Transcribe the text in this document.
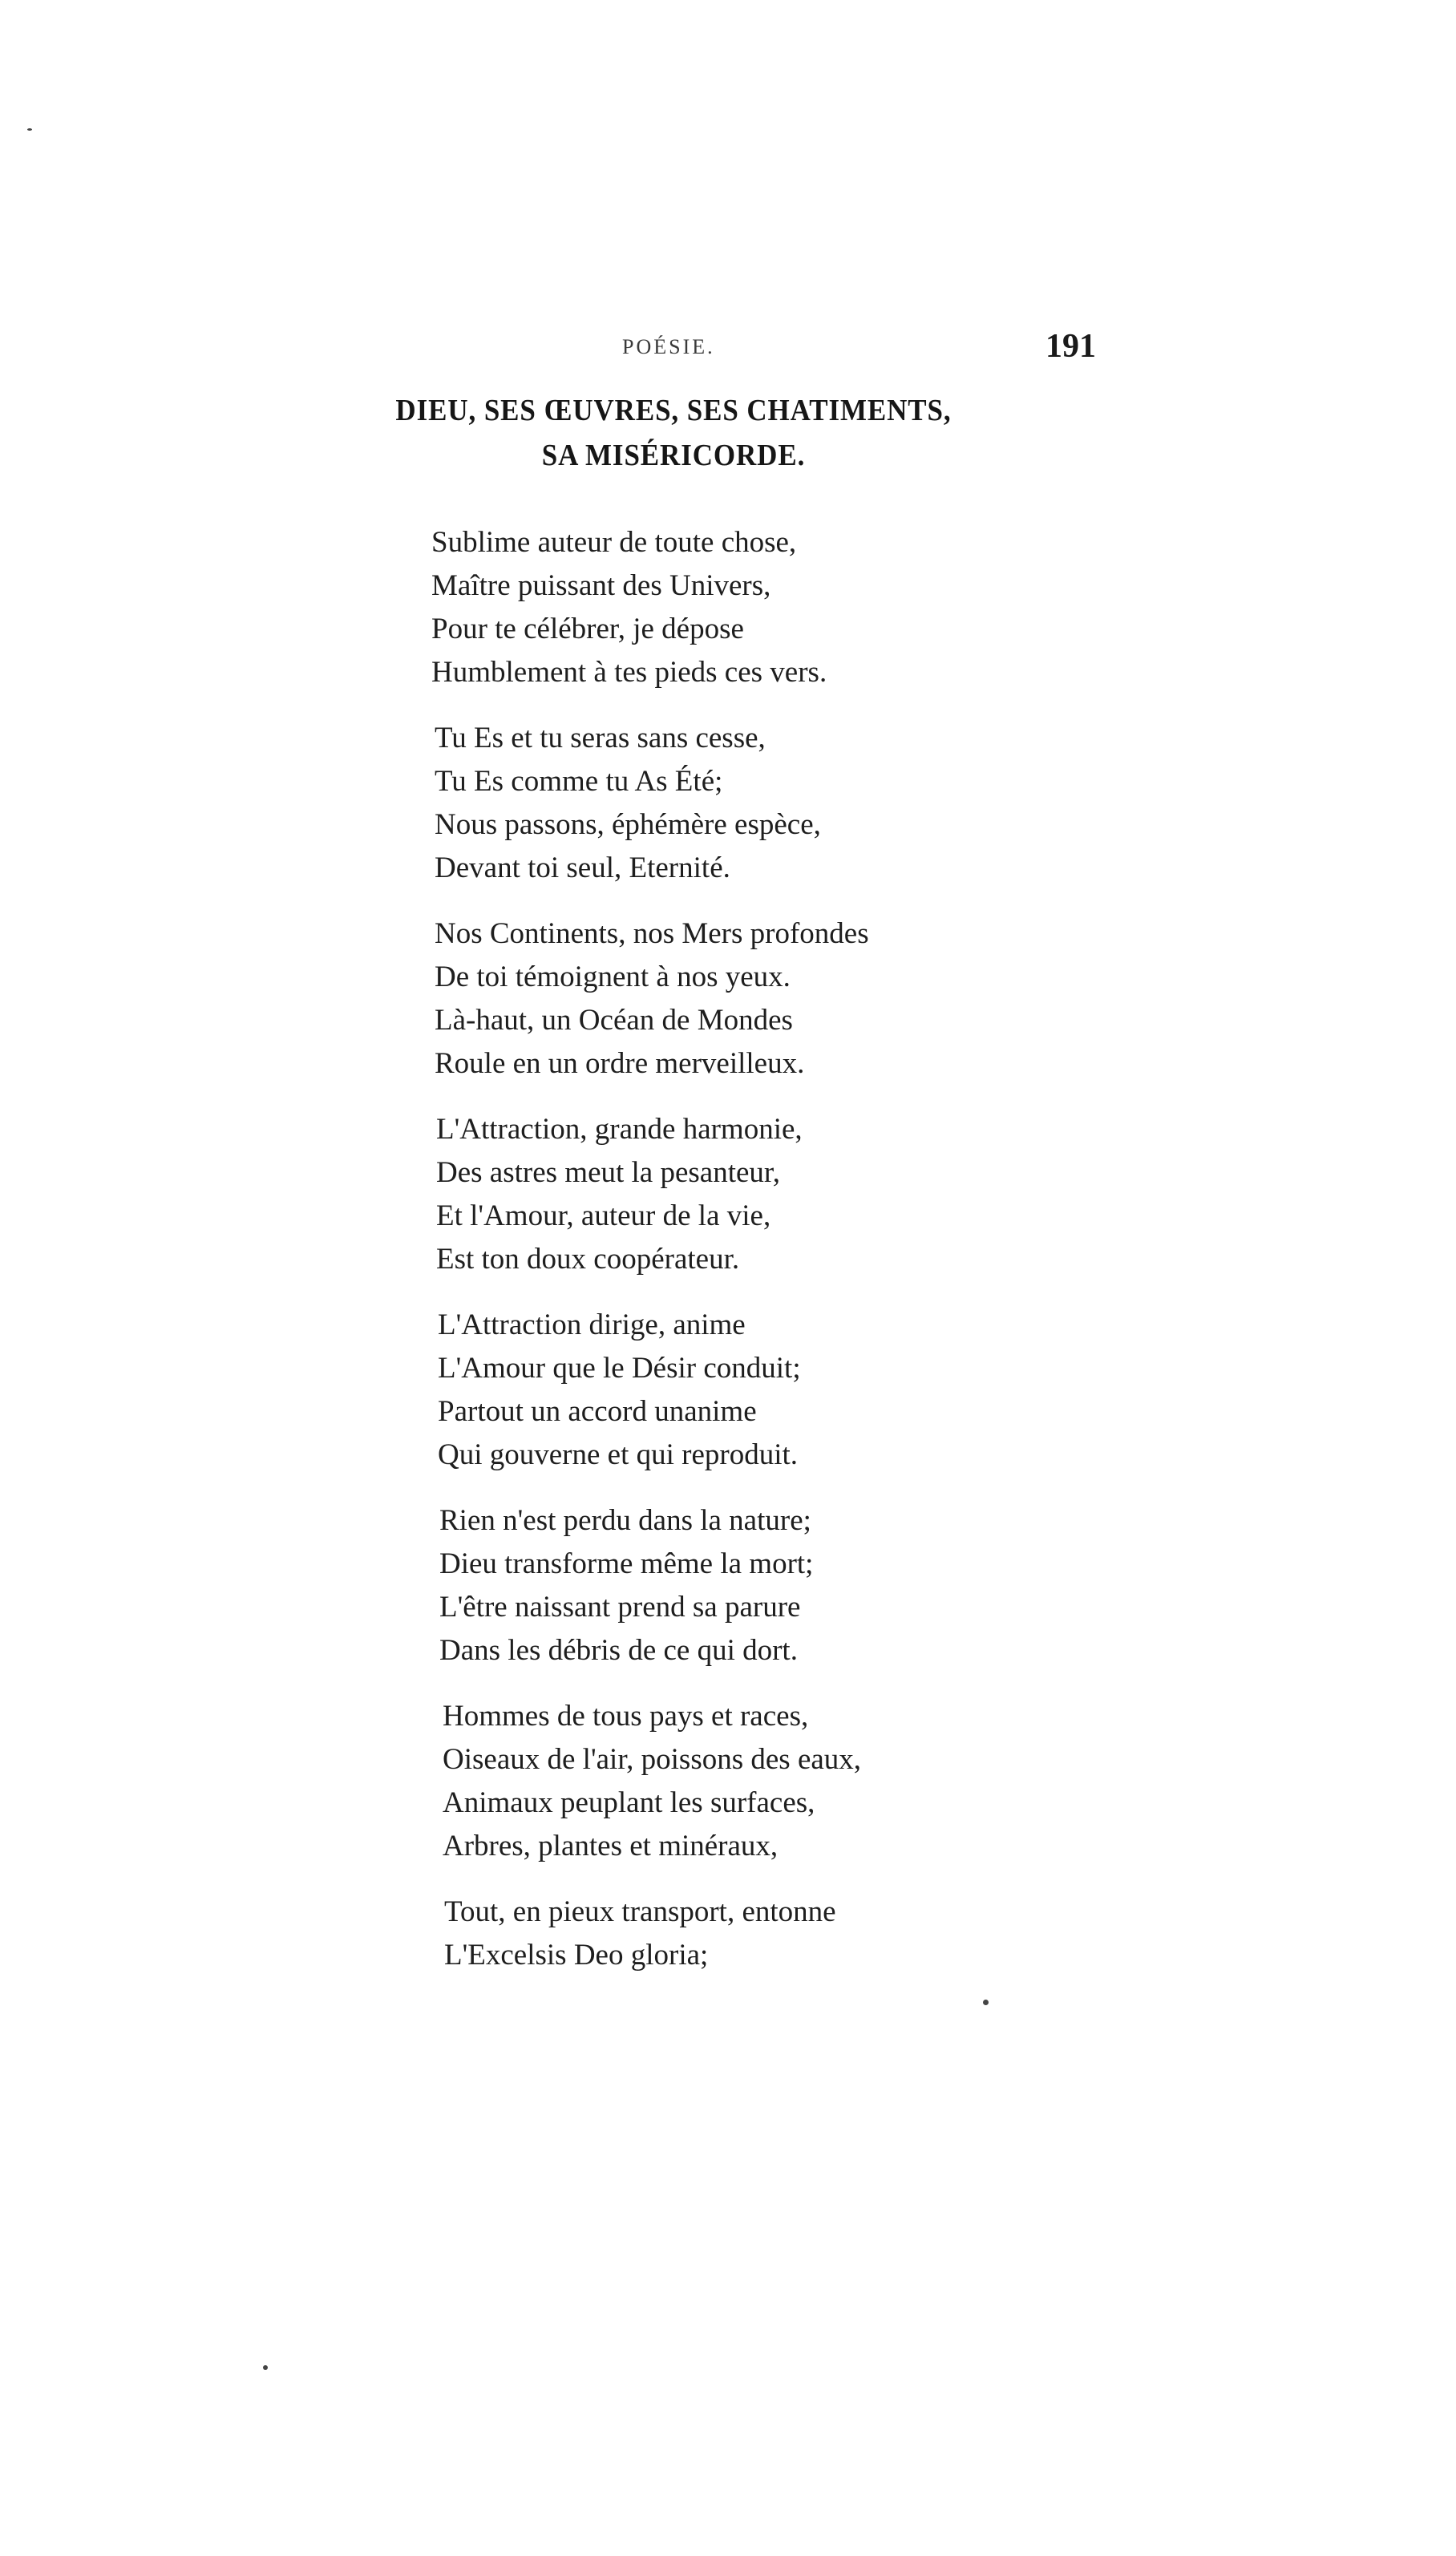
POÉSIE.	191
DIEU, SES ŒUVRES, SES CHATIMENTS,
SA MISÉRICORDE.
Sublime auteur de toute chose,
Maître puissant des Univers,
Pour te célébrer, je dépose
Humblement à tes pieds ces vers.
Tu Es et tu seras sans cesse,
Tu Es comme tu As Été;
Nous passons, éphémère espèce,
Devant toi seul, Eternité.
Nos Continents, nos Mers profondes
De toi témoignent à nos yeux.
Là-haut, un Océan de Mondes
Roule en un ordre merveilleux.
L'Attraction, grande harmonie,
Des astres meut la pesanteur,
Et l'Amour, auteur de la vie,
Est ton doux coopérateur.
L'Attraction dirige, anime
L'Amour que le Désir conduit;
Partout un accord unanime
Qui gouverne et qui reproduit.
Rien n'est perdu dans la nature;
Dieu transforme même la mort;
L'être naissant prend sa parure
Dans les débris de ce qui dort.
Hommes de tous pays et races,
Oiseaux de l'air, poissons des eaux,
Animaux peuplant les surfaces,
Arbres, plantes et minéraux,
Tout, en pieux transport, entonne
L'Excelsis Deo gloria;
